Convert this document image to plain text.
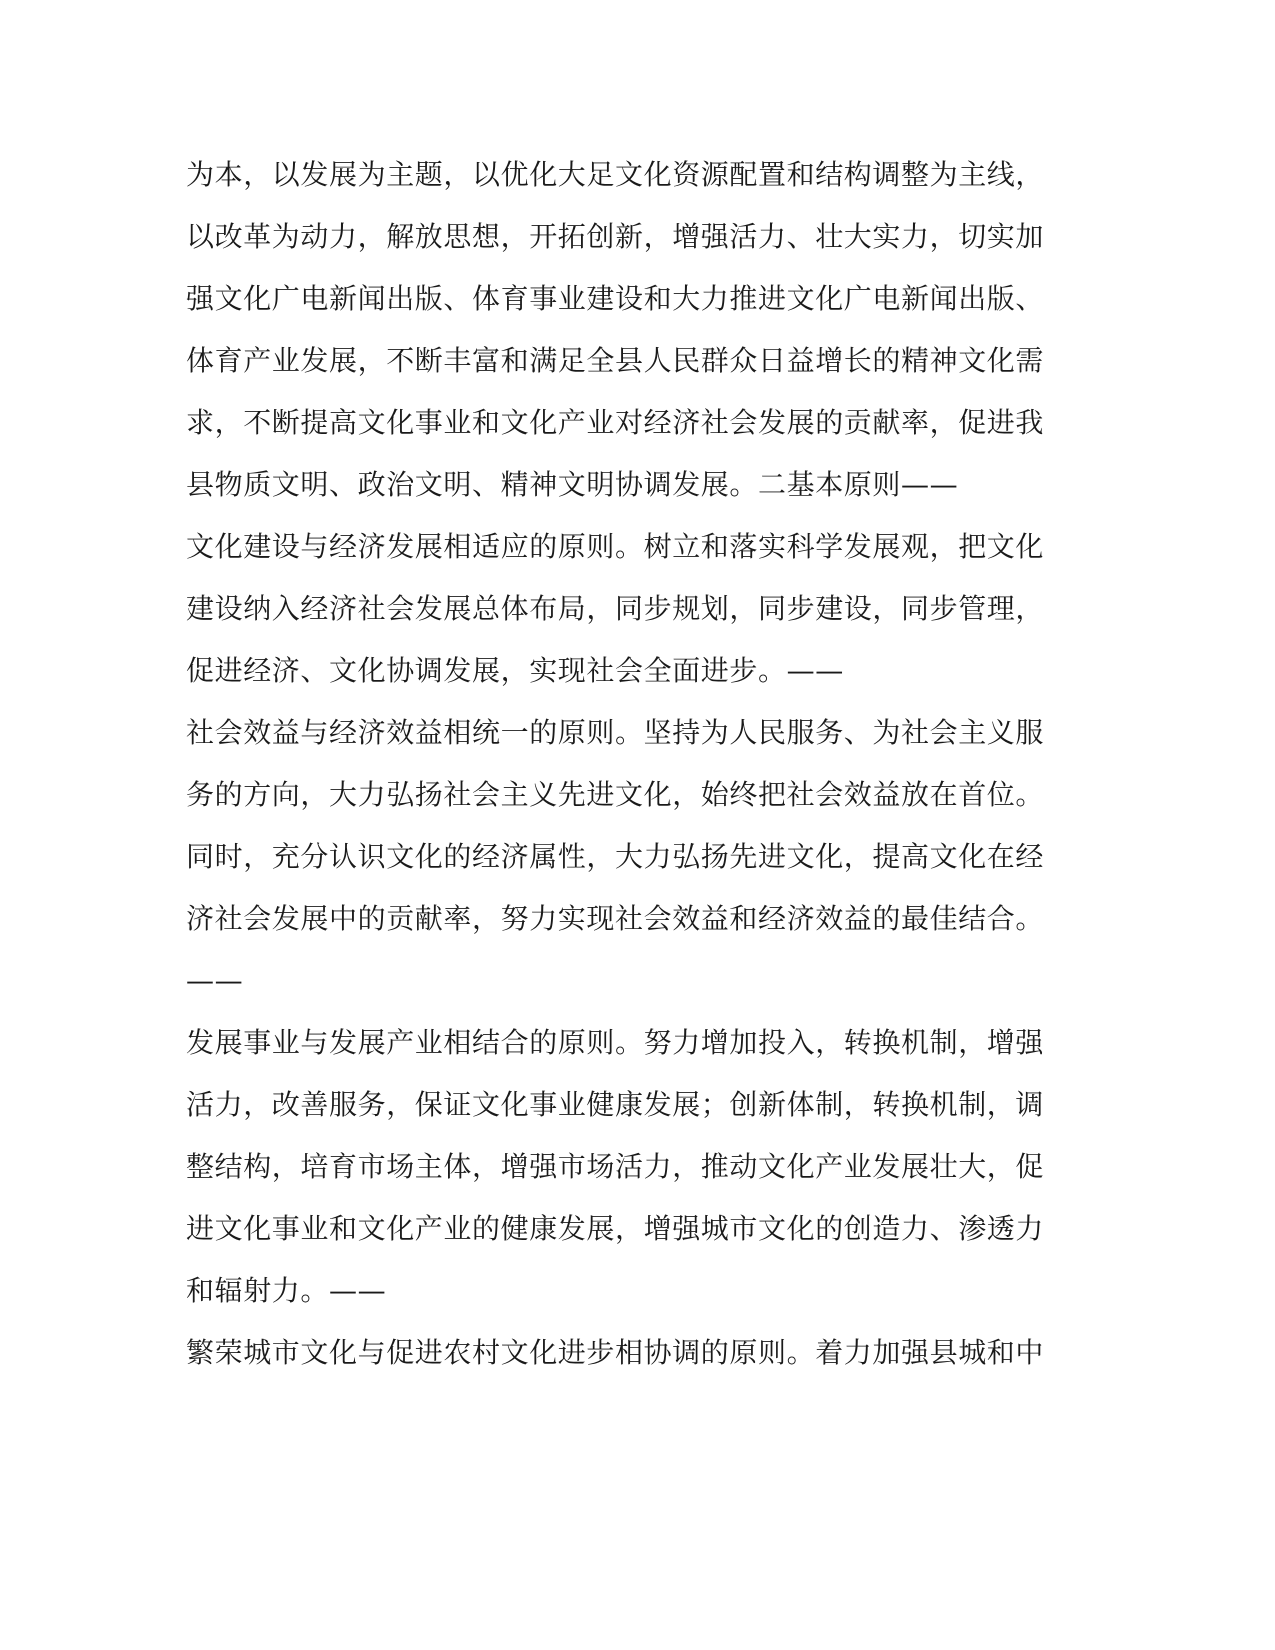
为本，以发展为主题，以优化大足文化资源配置和结构调整为主线，
以改革为动力，解放思想，开拓创新，增强活力、壮大实力，切实加
强文化广电新闻出版、体育事业建设和大力推进文化广电新闻出版、
体育产业发展，不断丰富和满足全县人民群众日益增长的精神文化需
求，不断提高文化事业和文化产业对经济社会发展的贡献率，促进我
县物质文明、政治文明、精神文明协调发展。二基本原则——
文化建设与经济发展相适应的原则。树立和落实科学发展观，把文化
建设纳入经济社会发展总体布局，同步规划，同步建设，同步管理，
促进经济、文化协调发展，实现社会全面进步。——
社会效益与经济效益相统一的原则。坚持为人民服务、为社会主义服
务的方向，大力弘扬社会主义先进文化，始终把社会效益放在首位。
同时，充分认识文化的经济属性，大力弘扬先进文化，提高文化在经
济社会发展中的贡献率，努力实现社会效益和经济效益的最佳结合。
——
发展事业与发展产业相结合的原则。努力增加投入，转换机制，增强
活力，改善服务，保证文化事业健康发展；创新体制，转换机制，调
整结构，培育市场主体，增强市场活力，推动文化产业发展壮大，促
进文化事业和文化产业的健康发展，增强城市文化的创造力、渗透力
和辐射力。——
繁荣城市文化与促进农村文化进步相协调的原则。着力加强县城和中
